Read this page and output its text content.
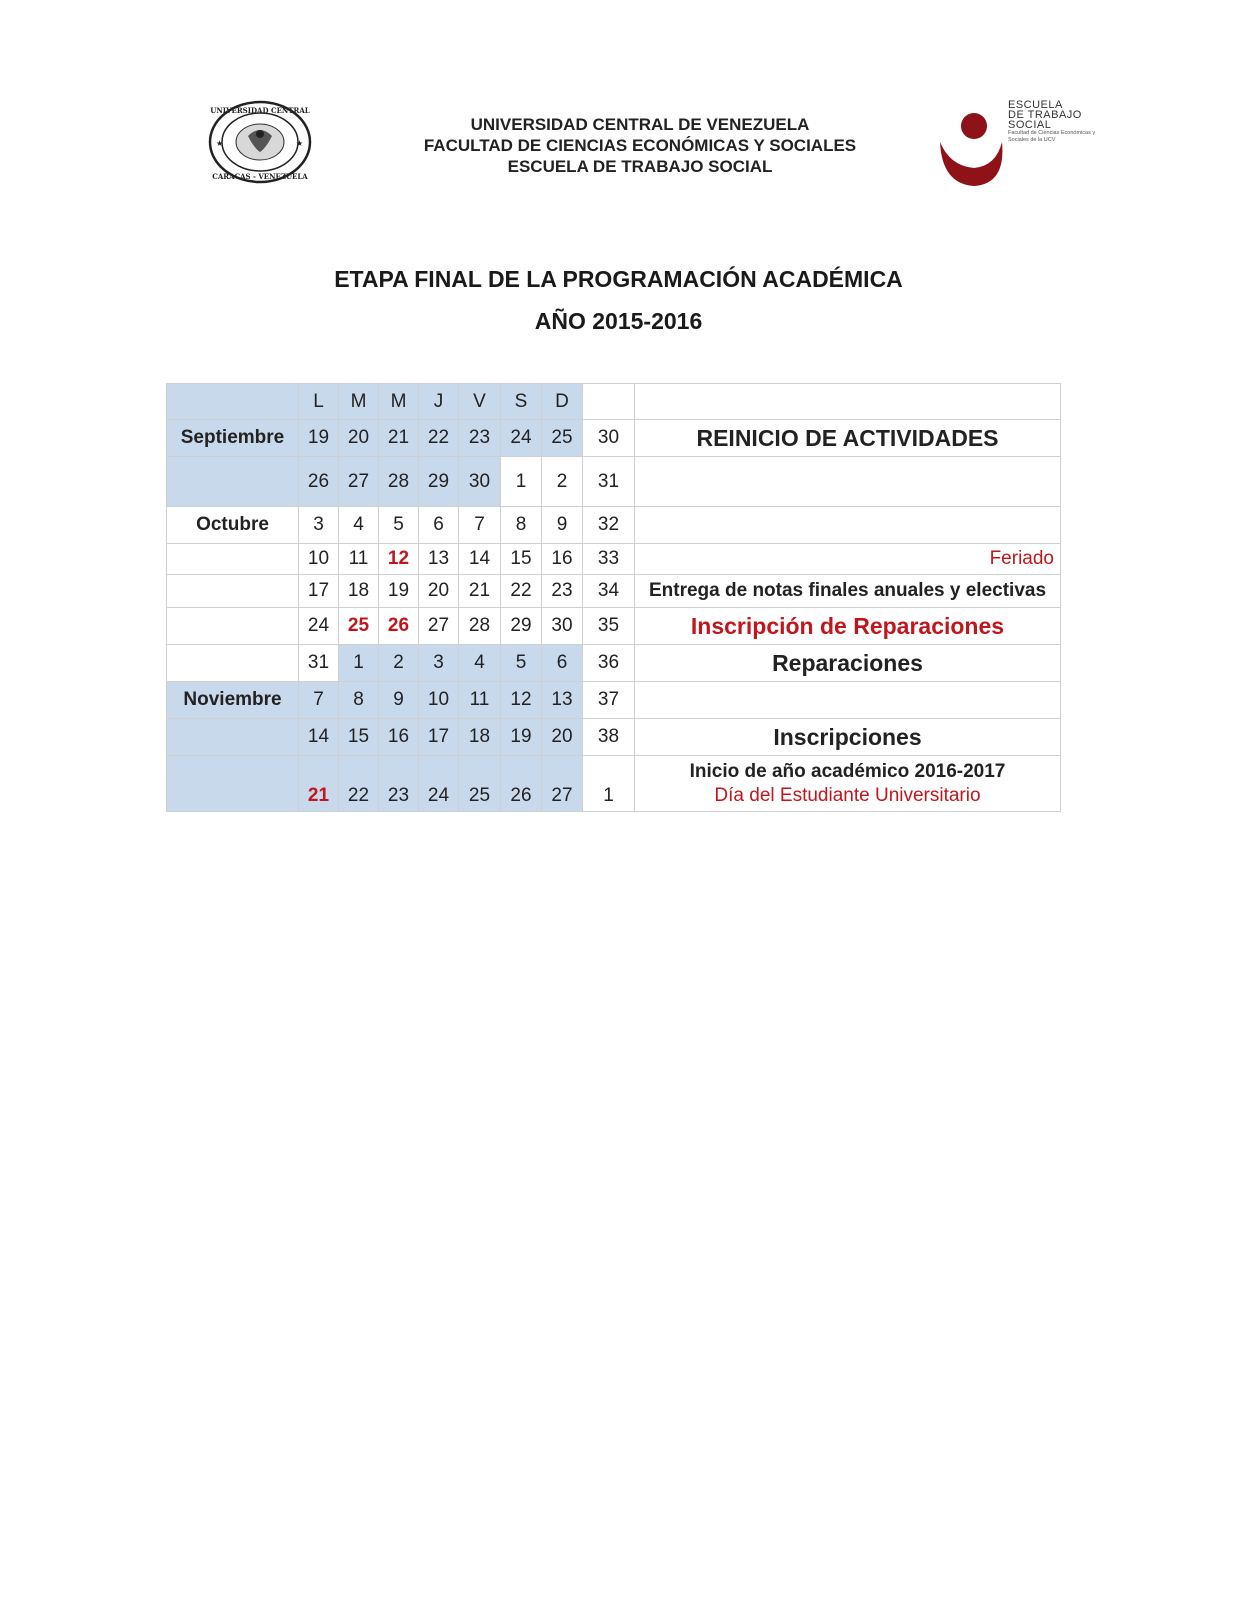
★	★
UNIVERSIDAD CENTRAL
CARACAS - VENEZUELA
UNIVERSIDAD CENTRAL DE VENEZUELA
FACULTAD DE CIENCIAS ECONÓMICAS Y SOCIALES
ESCUELA DE TRABAJO SOCIAL
ESCUELA
DE TRABAJO
SOCIAL
Facultad de Ciencias Económicas y Sociales de la UCV
ETAPA FINAL DE LA PROGRAMACIÓN ACADÉMICA
AÑO 2015-2016
	L	M	M	J	V	S	D		
Septiembre	19	20	21	22	23	24	25	30	REINICIO DE ACTIVIDADES
	26	27	28	29	30	1	2	31	
Octubre	3	4	5	6	7	8	9	32	
	10	11	12	13	14	15	16	33	Feriado
	17	18	19	20	21	22	23	34	Entrega de notas finales anuales y electivas
	24	25	26	27	28	29	30	35	Inscripción de Reparaciones
	31	1	2	3	4	5	6	36	Reparaciones
Noviembre	7	8	9	10	11	12	13	37	
	14	15	16	17	18	19	20	38	Inscripciones
	21	22	23	24	25	26	27	1	Inicio de año académico 2016-2017
Día del Estudiante Universitario
